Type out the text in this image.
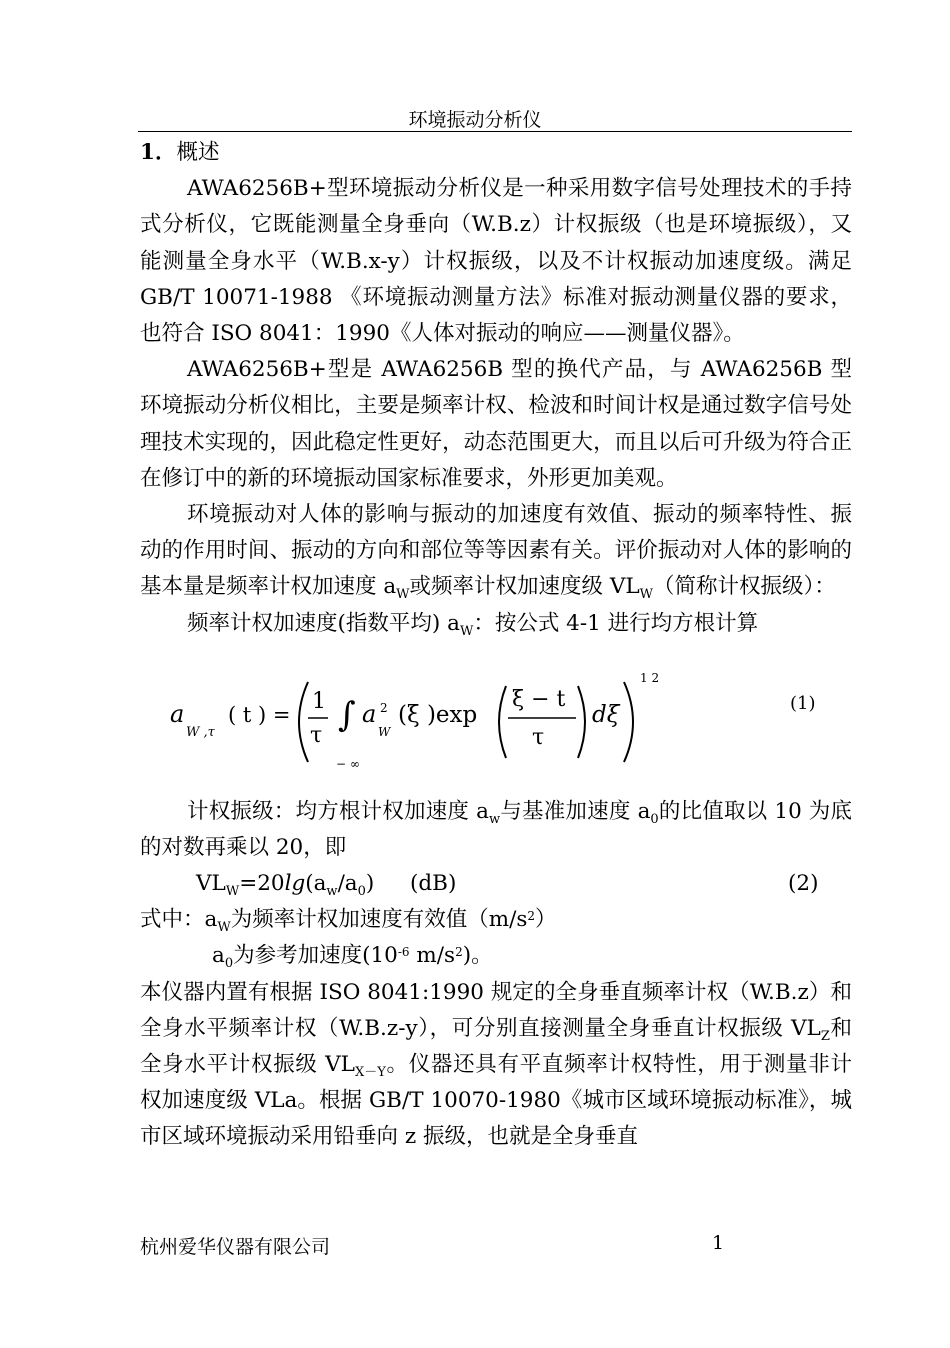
环境振动分析仪

1．概述

AWA6256B+型环境振动分析仪是一种采用数字信号处理技术的手持式分析仪，它既能测量全身垂向（W.B.z）计权振级（也是环境振级），又能测量全身水平（W.B.x-y）计权振级，以及不计权振动加速度级。满足 GB/T 10071-1988 《环境振动测量方法》标准对振动测量仪器的要求，也符合 ISO 8041：1990《人体对振动的响应——测量仪器》。

AWA6256B+型是 AWA6256B 型的换代产品，与 AWA6256B 型环境振动分析仪相比，主要是频率计权、检波和时间计权是通过数字信号处理技术实现的，因此稳定性更好，动态范围更大，而且以后可升级为符合正在修订中的新的环境振动国家标准要求，外形更加美观。

环境振动对人体的影响与振动的加速度有效值、振动的频率特性、振动的作用时间、振动的方向和部位等等因素有关。评价振动对人体的影响的基本量是频率计权加速度 $a_W$或频率计权加速度级 $VL_W$（简称计权振级）：

频率计权加速度(指数平均) $a_W$：按公式 4-1 进行均方根计算

a
W ,τ
( t ) =
1
τ
∫
− ∞
a 2
W
(ξ )exp
ξ − t
τ
dξ
1 2
(1)

计权振级：均方根计权加速度 $a_w$与基准加速度 $a_0$的比值取以 10 为底的对数再乘以 20，即

$VL_W=20\lg(a_w/a_0)$ (dB)	(2)

式中：$a_W$为频率计权加速度有效值$(m/s^2)$

$a_0$为参考加速度($10^{-6}$ $m/s^2$)。

本仪器内置有根据 ISO 8041:1990 规定的全身垂直频率计权（W.B.z）和全身水平频率计权（W.B.z-y），可分别直接测量全身垂直计权振级 $VL_Z$和全身水平计权振级 $VL_{X-Y}$。仪器还具有平直频率计权特性，用于测量非计权加速度级 VLa。根据 GB/T 10070-1980《城市区域环境振动标准》，城市区域环境振动采用铅垂向 z 振级，也就是全身垂直

杭州爱华仪器有限公司	1
